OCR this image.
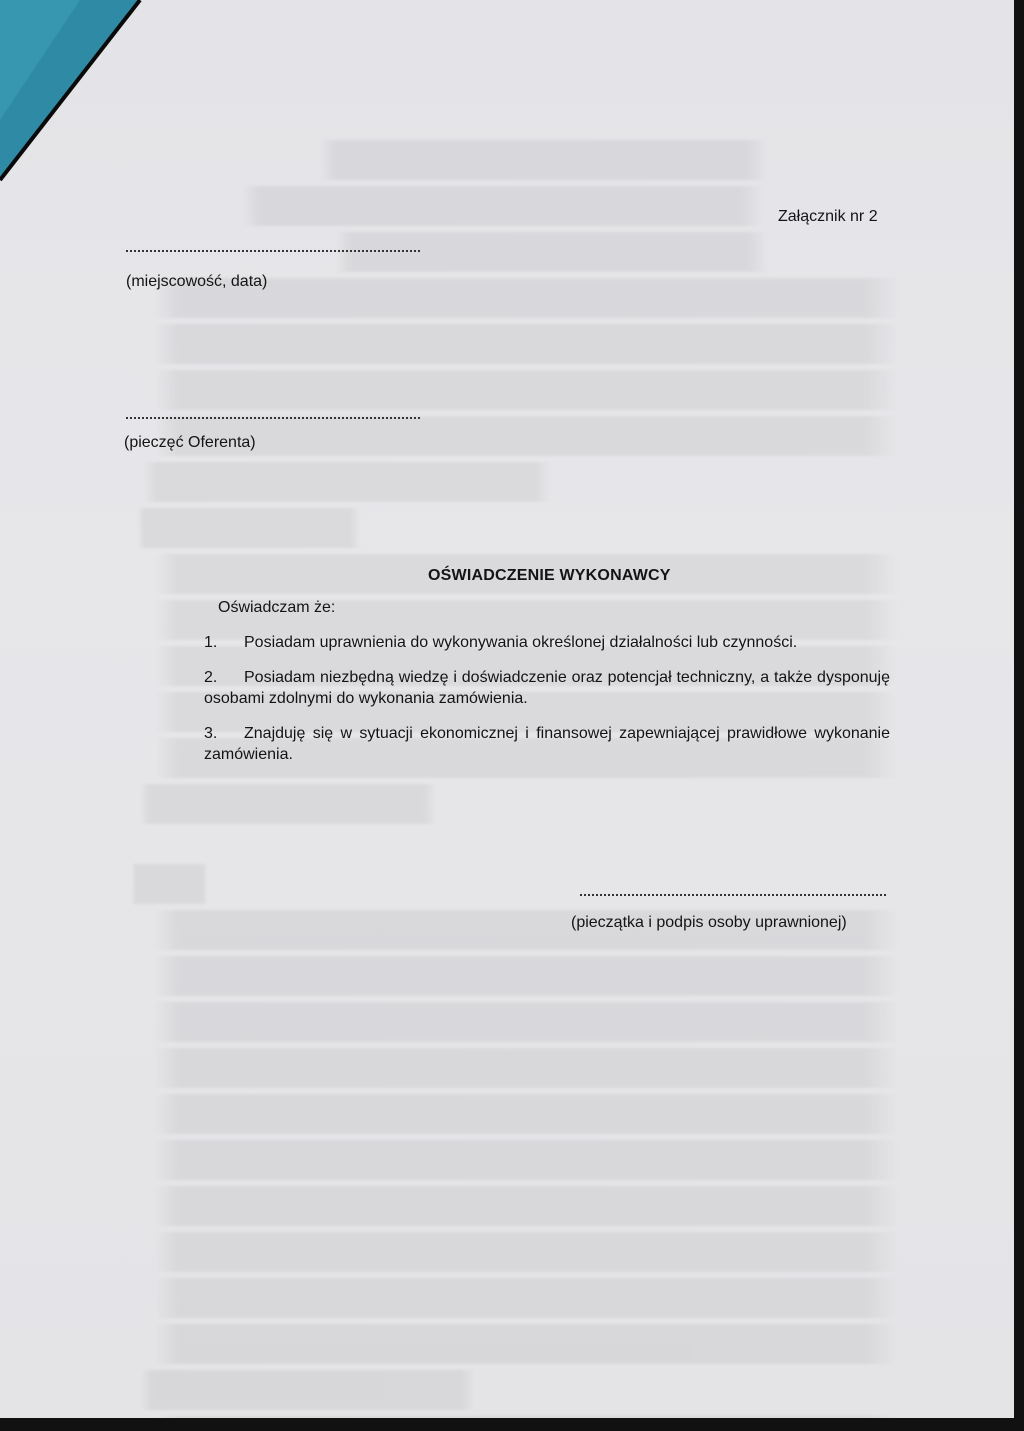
Załącznik nr 2
(miejscowość, data)
(pieczęć Oferenta)
OŚWIADCZENIE WYKONAWCY
Oświadczam że:
1.	Posiadam uprawnienia do wykonywania określonej działalności lub czynności.
2.	Posiadam niezbędną wiedzę i doświadczenie oraz potencjał techniczny, a także dysponuję osobami zdolnymi do wykonania zamówienia.
3.	Znajduję się w sytuacji ekonomicznej i finansowej zapewniającej prawidłowe wykonanie zamówienia.
(pieczątka i podpis osoby uprawnionej)
